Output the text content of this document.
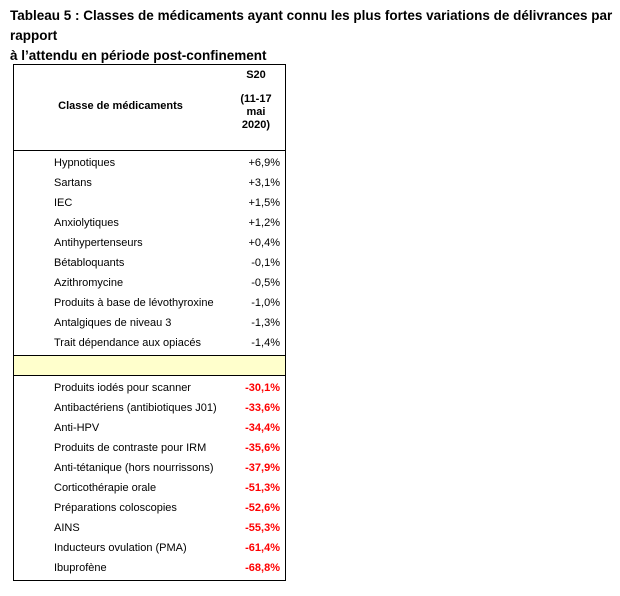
Tableau 5 : Classes de médicaments ayant connu les plus fortes variations de délivrances par rapport
à l’attendu en période post-confinement
Classe de médicaments
S20
(11-17
mai
2020)
Hypnotiques	+6,9%
Sartans	+3,1%
IEC	+1,5%
Anxiolytiques	+1,2%
Antihypertenseurs	+0,4%
Bétabloquants	-0,1%
Azithromycine	-0,5%
Produits à base de lévothyroxine	-1,0%
Antalgiques de niveau 3	-1,3%
Trait dépendance aux opiacés	-1,4%
Produits iodés pour scanner	-30,1%
Antibactériens (antibiotiques J01)	-33,6%
Anti-HPV	-34,4%
Produits de contraste pour IRM	-35,6%
Anti-tétanique (hors nourrissons)	-37,9%
Corticothérapie orale	-51,3%
Préparations coloscopies	-52,6%
AINS	-55,3%
Inducteurs ovulation (PMA)	-61,4%
Ibuprofène	-68,8%
